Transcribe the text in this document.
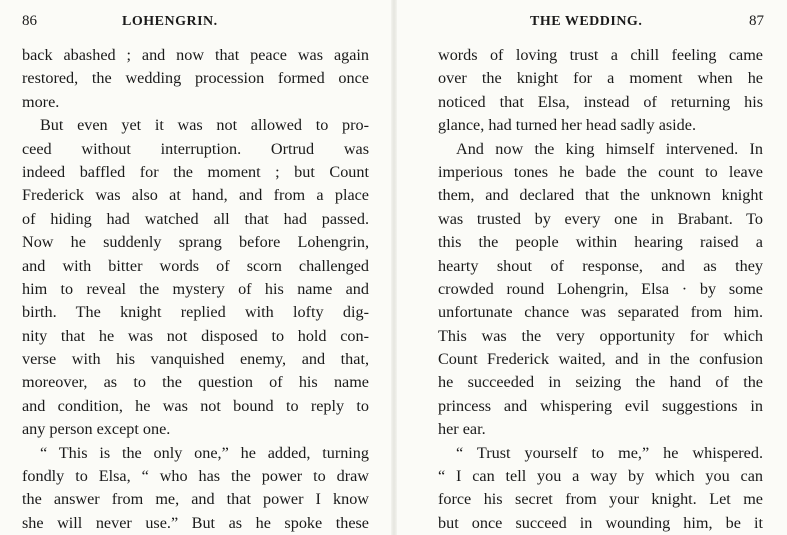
86	LOHENGRIN.
back abashed ; and now that peace was again
restored, the wedding procession formed once
more.
But even yet it was not allowed to pro-
ceed without interruption. Ortrud was
indeed baffled for the moment ; but Count
Frederick was also at hand, and from a place
of hiding had watched all that had passed.
Now he suddenly sprang before Lohengrin,
and with bitter words of scorn challenged
him to reveal the mystery of his name and
birth. The knight replied with lofty dig-
nity that he was not disposed to hold con-
verse with his vanquished enemy, and that,
moreover, as to the question of his name
and condition, he was not bound to reply to
any person except one.
“ This is the only one,” he added, turning
fondly to Elsa, “ who has the power to draw
the answer from me, and that power I know
she will never use.” But as he spoke these
THE WEDDING.	87
words of loving trust a chill feeling came
over the knight for a moment when he
noticed that Elsa, instead of returning his
glance, had turned her head sadly aside.
And now the king himself intervened. In
imperious tones he bade the count to leave
them, and declared that the unknown knight
was trusted by every one in Brabant. To
this the people within hearing raised a
hearty shout of response, and as they
crowded round Lohengrin, Elsa · by some
unfortunate chance was separated from him.
This was the very opportunity for which
Count Frederick waited, and in the confusion
he succeeded in seizing the hand of the
princess and whispering evil suggestions in
her ear.
“ Trust yourself to me,” he whispered.
“ I can tell you a way by which you can
force his secret from your knight. Let me
but once succeed in wounding him, be it
